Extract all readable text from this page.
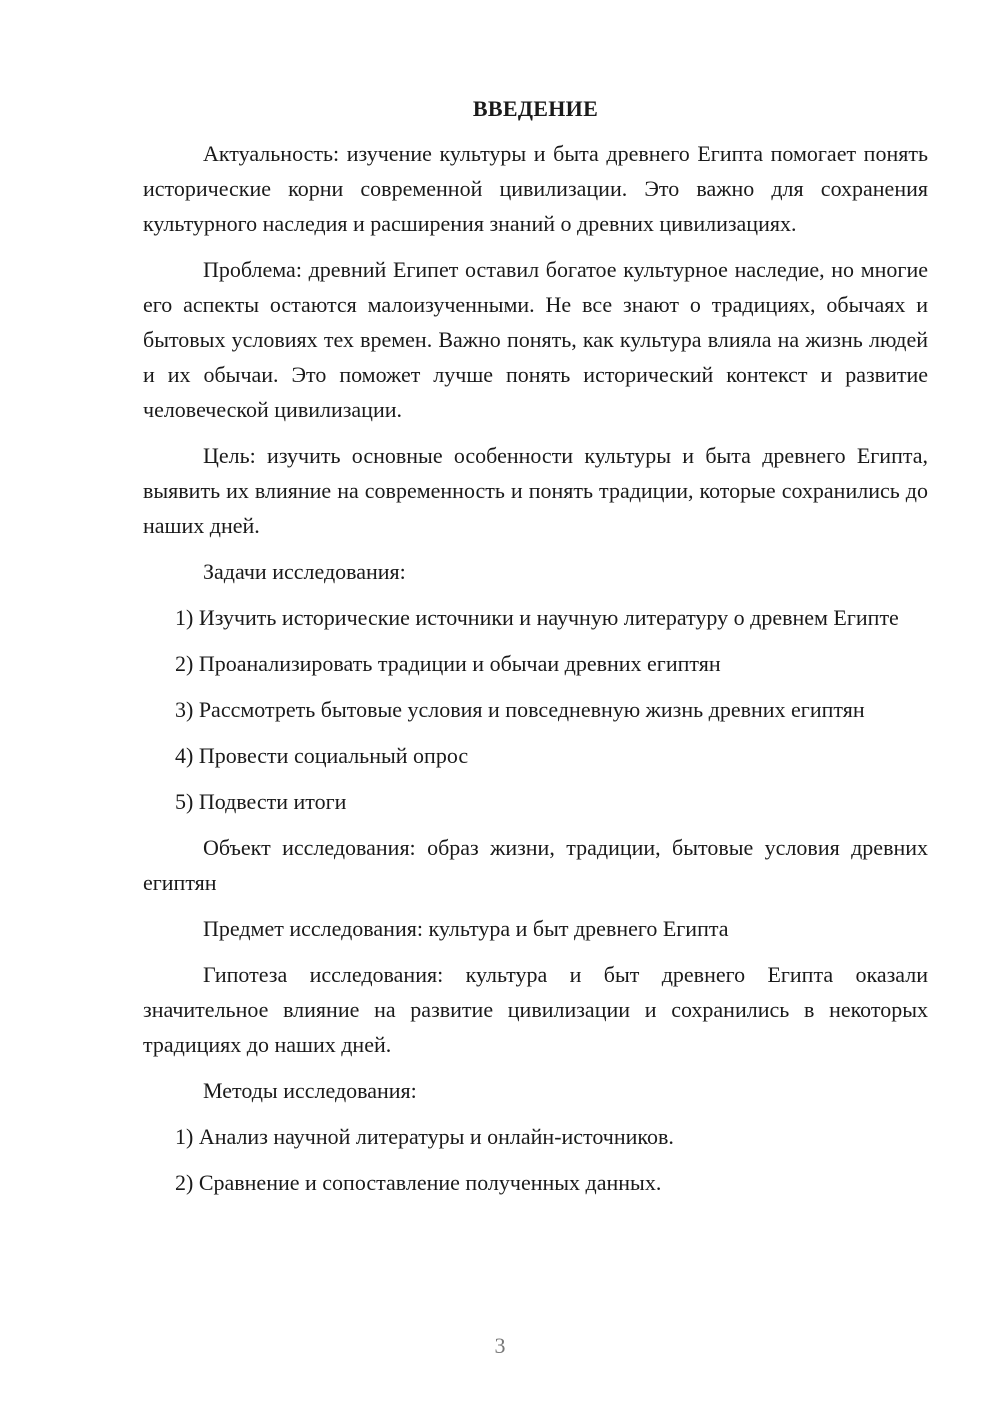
ВВЕДЕНИЕ

Актуальность: изучение культуры и быта древнего Египта помогает понять исторические корни современной цивилизации. Это важно для сохранения культурного наследия и расширения знаний о древних цивилизациях.

Проблема: древний Египет оставил богатое культурное наследие, но многие его аспекты остаются малоизученными. Не все знают о традициях, обычаях и бытовых условиях тех времен. Важно понять, как культура влияла на жизнь людей и их обычаи. Это поможет лучше понять исторический контекст и развитие человеческой цивилизации.

Цель: изучить основные особенности культуры и быта древнего Египта, выявить их влияние на современность и понять традиции, которые сохранились до наших дней.

Задачи исследования:

1) Изучить исторические источники и научную литературу о древнем Египте

2) Проанализировать традиции и обычаи древних египтян

3) Рассмотреть бытовые условия и повседневную жизнь древних египтян

4) Провести социальный опрос

5) Подвести итоги

Объект исследования: образ жизни, традиции, бытовые условия древних египтян

Предмет исследования: культура и быт древнего Египта

Гипотеза исследования: культура и быт древнего Египта оказали значительное влияние на развитие цивилизации и сохранились в некоторых традициях до наших дней.

Методы исследования:

1) Анализ научной литературы и онлайн-источников.

2) Сравнение и сопоставление полученных данных.

3
